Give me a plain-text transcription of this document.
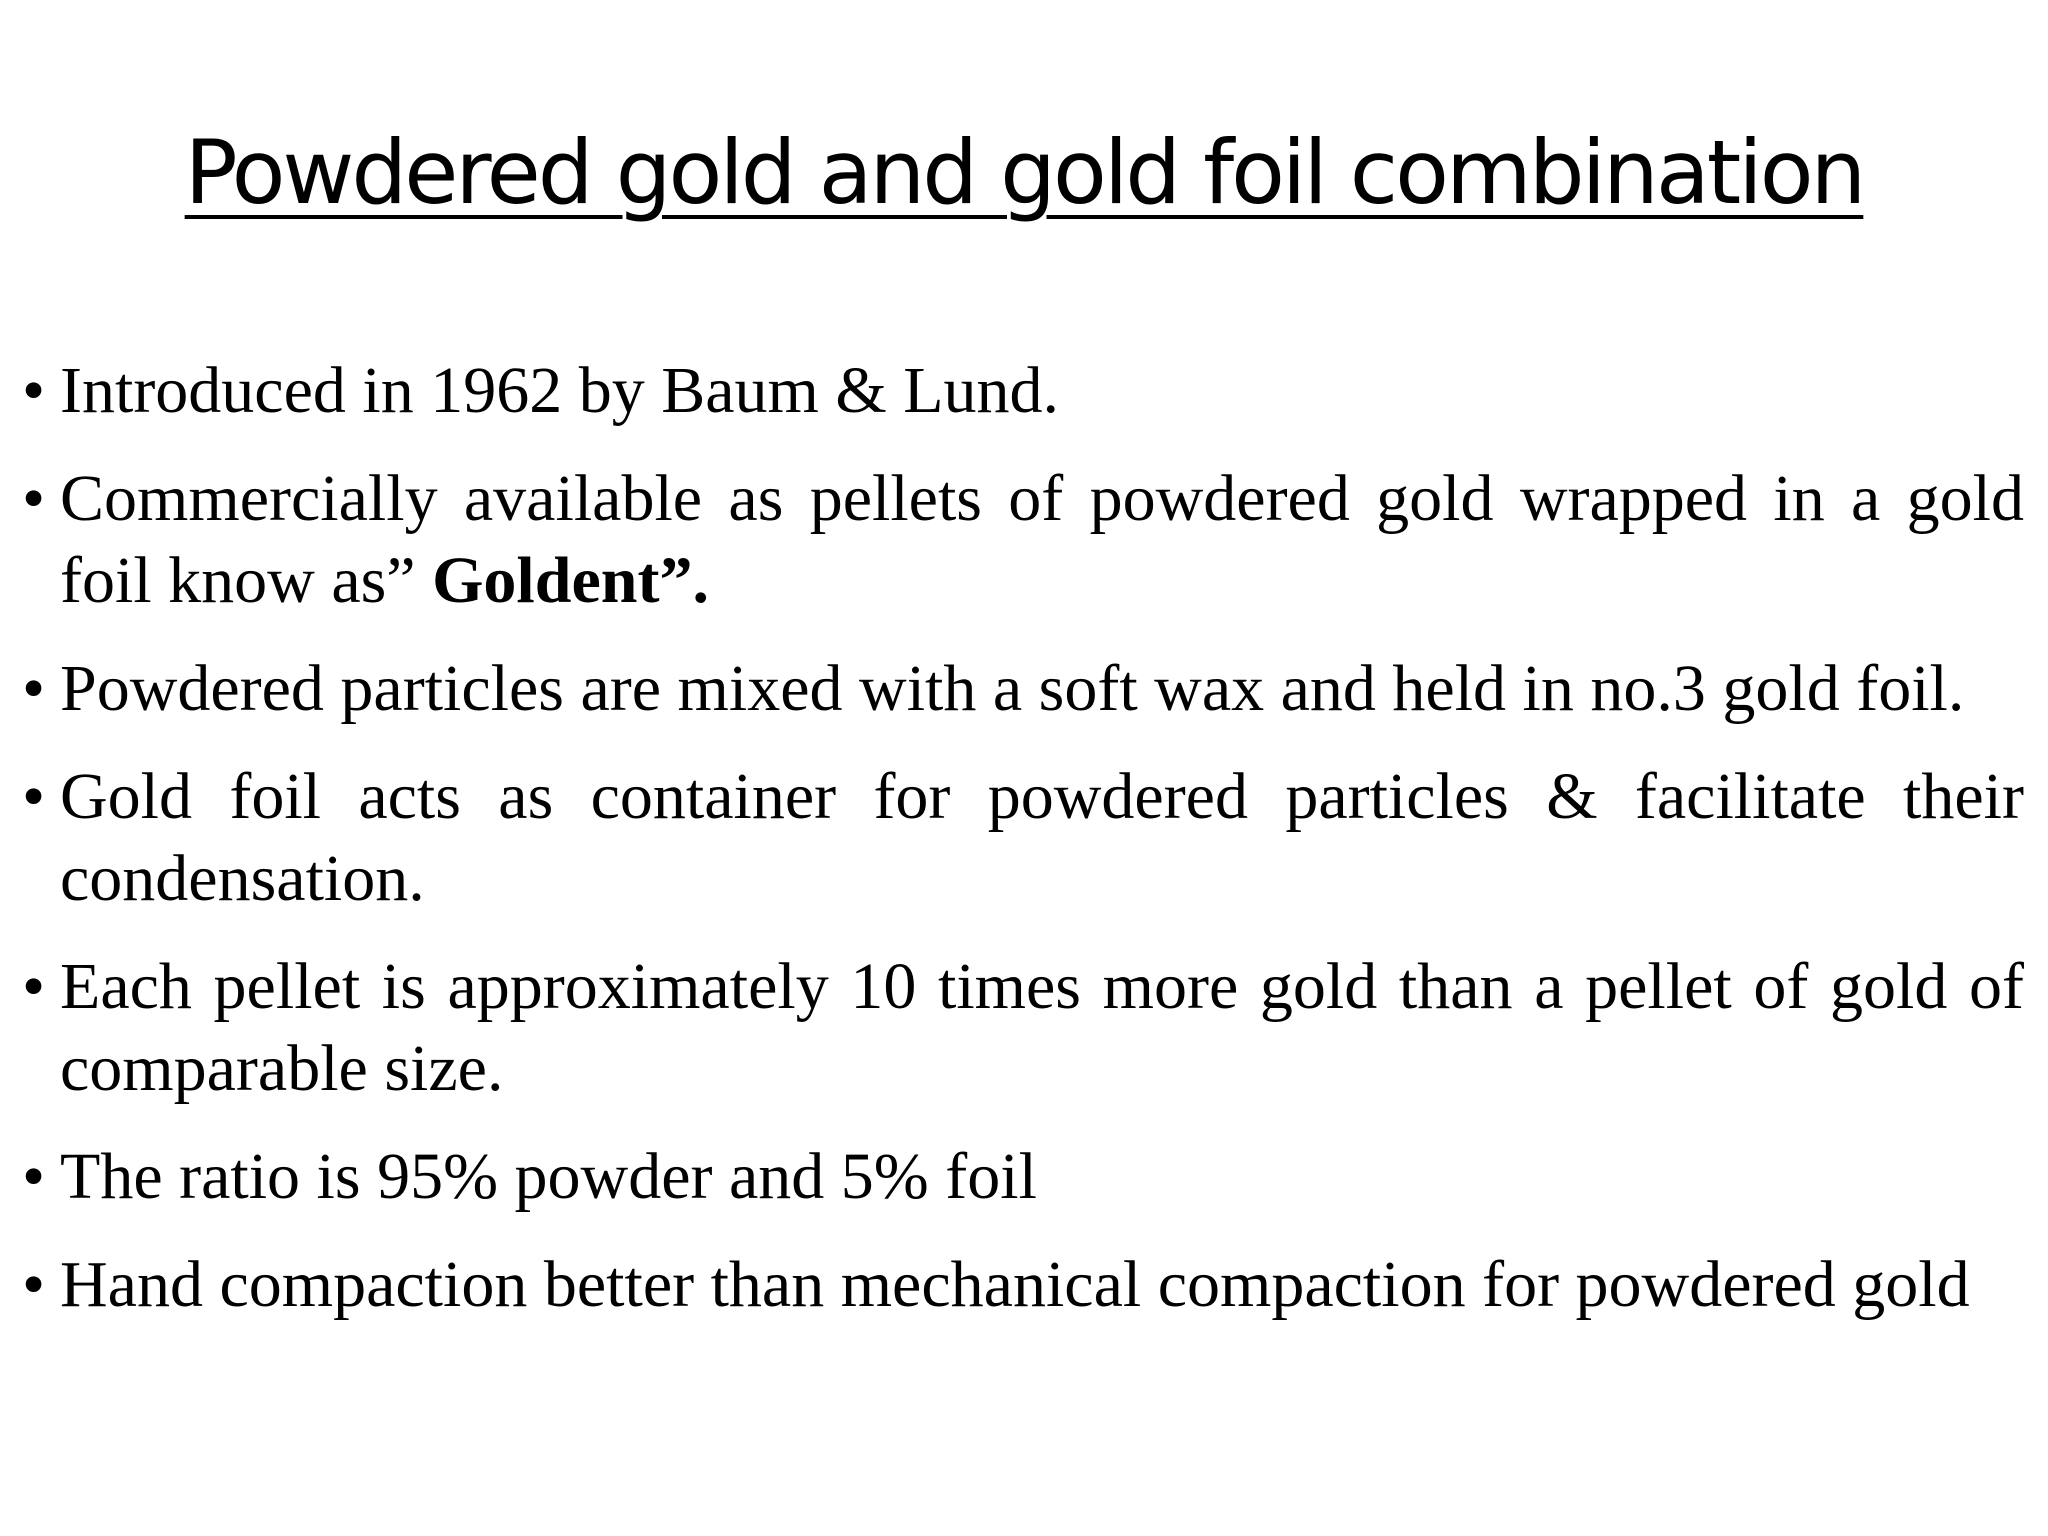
Powdered gold and gold foil combination
• Introduced in 1962 by Baum & Lund.
• Commercially available as pellets of powdered gold wrapped in a gold foil know as” Goldent”.
• Powdered particles are mixed with a soft wax and held in no.3 gold foil.
• Gold foil acts as container for powdered particles & facilitate their condensation.
• Each pellet is approximately 10 times more gold than a pellet of gold of comparable size.
• The ratio is 95% powder and 5% foil
• Hand compaction better than mechanical compaction for powdered gold
